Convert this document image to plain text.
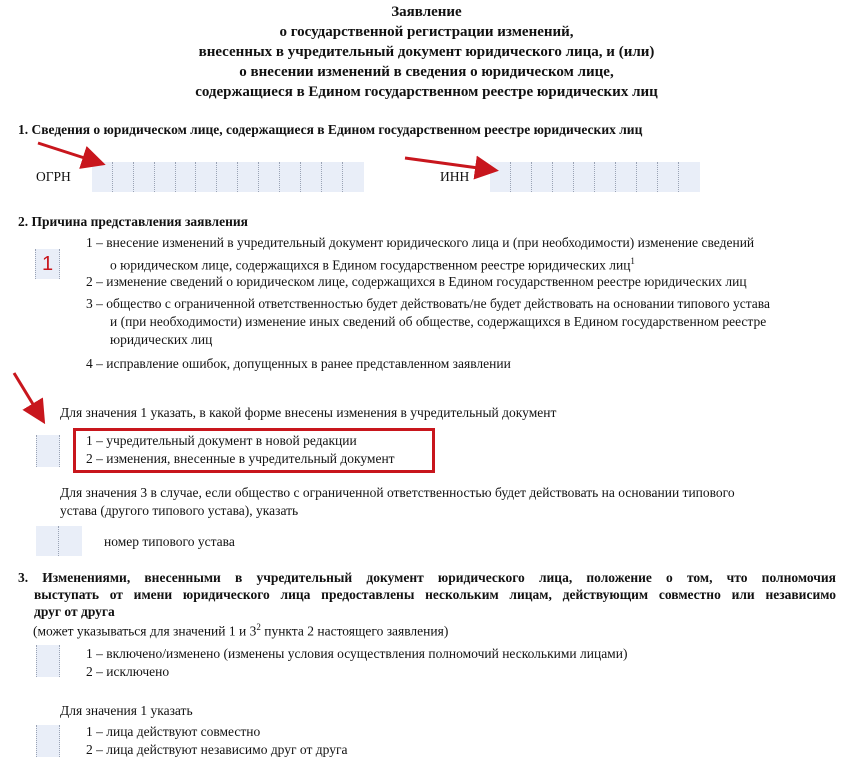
Заявление
о государственной регистрации изменений,
внесенных в учредительный документ юридического лица, и (или)
о внесении изменений в сведения о юридическом лице,
содержащиеся в Едином государственном реестре юридических лиц
1. Сведения о юридическом лице, содержащиеся в Едином государственном реестре юридических лиц
ОГРН	ИНН
2. Причина представления заявления
1
1 – внесение изменений в учредительный документ юридического лица и (при необходимости) изменение сведений
о юридическом лице, содержащихся в Едином государственном реестре юридических лиц$^1$
2 – изменение сведений о юридическом лице, содержащихся в Едином государственном реестре юридических лиц
3 – общество с ограниченной ответственностью будет действовать/не будет действовать на основании типового устава
и (при необходимости) изменение иных сведений об обществе, содержащихся в Едином государственном реестре
юридических лиц
4 – исправление ошибок, допущенных в ранее представленном заявлении
Для значения 1 указать, в какой форме внесены изменения в учредительный документ
1 – учредительный документ в новой редакции
2 – изменения, внесенные в учредительный документ
Для значения 3 в случае, если общество с ограниченной ответственностью будет действовать на основании типового
устава (другого типового устава), указать
номер типового устава
3. Изменениями, внесенными в учредительный документ юридического лица, положение о том, что полномочия
выступать от имени юридического лица предоставлены нескольким лицам, действующим совместно или независимо
друг от друга
(может указываться для значений 1 и $3^2$ пункта 2 настоящего заявления)
1 – включено/изменено (изменены условия осуществления полномочий несколькими лицами)
2 – исключено
Для значения 1 указать
1 – лица действуют совместно
2 – лица действуют независимо друг от друга
